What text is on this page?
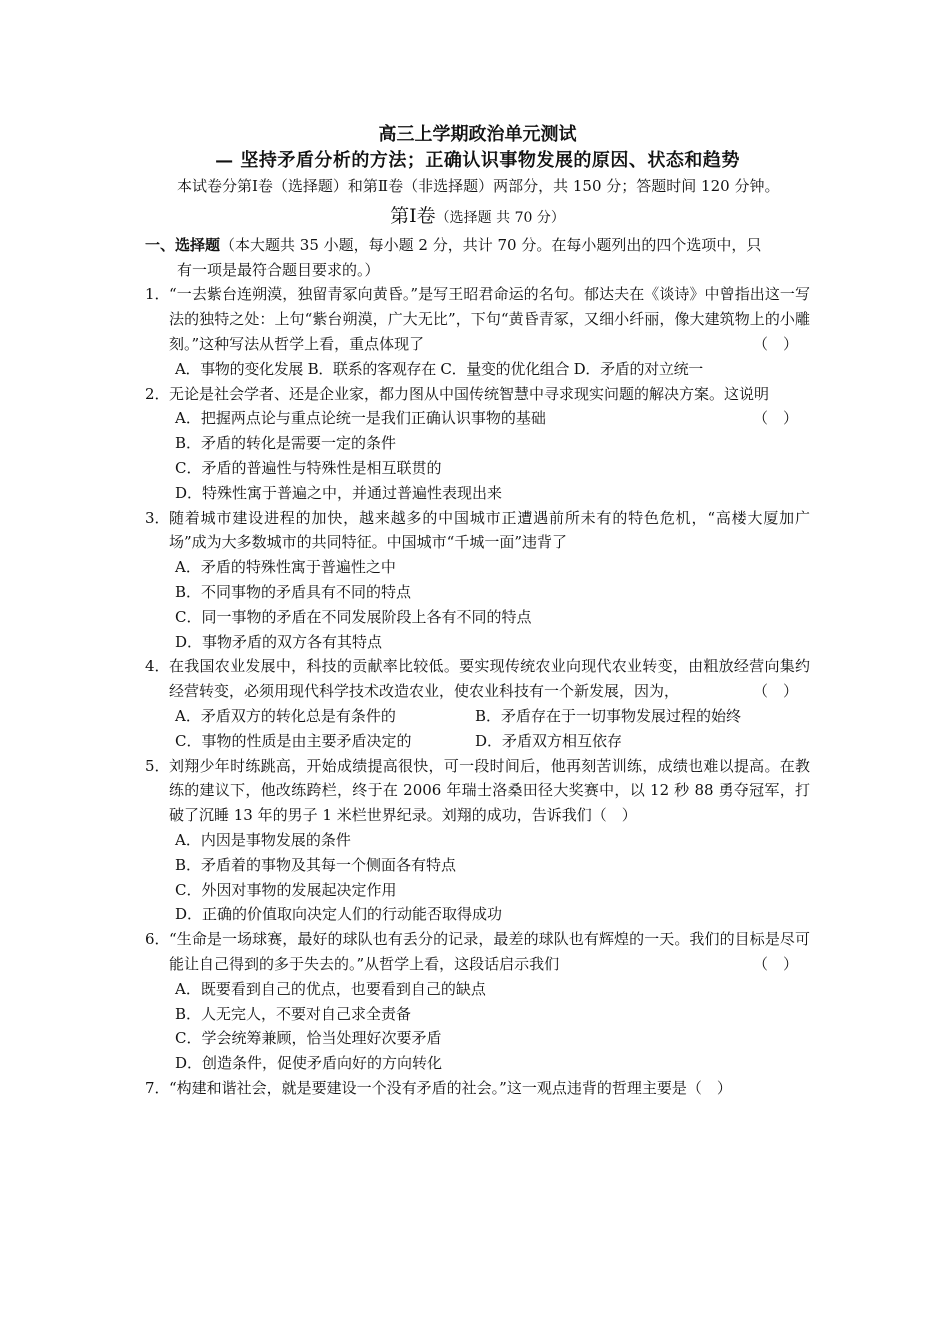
高三上学期政治单元测试
— 坚持矛盾分析的方法；正确认识事物发展的原因、状态和趋势
本试卷分第Ⅰ卷（选择题）和第Ⅱ卷（非选择题）两部分，共 150 分；答题时间 120 分钟。
第Ⅰ卷（选择题 共 70 分）
一、选择题（本大题共 35 小题，每小题 2 分，共计 70 分。在每小题列出的四个选项中，只
有一项是最符合题目要求的。）
1． “一去紫台连朔漠，独留青冢向黄昏。”是写王昭君命运的名句。郁达夫在《谈诗》中曾指出这一写法的独特之处：上句“紫台朔漠，广大无比”，下句“黄昏青冢，又细小纤丽，像大建筑物上的小雕刻。”这种写法从哲学上看，重点体现了	（　）
A．事物的变化发展 B．联系的客观存在 C．量变的优化组合 D．矛盾的对立统一
2． 无论是社会学者、还是企业家，都力图从中国传统智慧中寻求现实问题的解决方案。这说明
（　）
A．把握两点论与重点论统一是我们正确认识事物的基础
B．矛盾的转化是需要一定的条件
C．矛盾的普遍性与特殊性是相互联贯的
D．特殊性寓于普遍之中，并通过普遍性表现出来
3． 随着城市建设进程的加快，越来越多的中国城市正遭遇前所未有的特色危机，“高楼大厦加广场”成为大多数城市的共同特征。中国城市“千城一面”违背了
A．矛盾的特殊性寓于普遍性之中
B．不同事物的矛盾具有不同的特点
C．同一事物的矛盾在不同发展阶段上各有不同的特点
D．事物矛盾的双方各有其特点
4． 在我国农业发展中，科技的贡献率比较低。要实现传统农业向现代农业转变，由粗放经营向集约经营转变，必须用现代科学技术改造农业，使农业科技有一个新发展，因为，	（　）
A．矛盾双方的转化总是有条件的	B．矛盾存在于一切事物发展过程的始终
C．事物的性质是由主要矛盾决定的	D．矛盾双方相互依存
5． 刘翔少年时练跳高，开始成绩提高很快，可一段时间后，他再刻苦训练，成绩也难以提高。在教练的建议下，他改练跨栏，终于在 2006 年瑞士洛桑田径大奖赛中，以 12 秒 88 勇夺冠军，打破了沉睡 13 年的男子 1 米栏世界纪录。刘翔的成功，告诉我们（　）
A．内因是事物发展的条件
B．矛盾着的事物及其每一个侧面各有特点
C．外因对事物的发展起决定作用
D．正确的价值取向决定人们的行动能否取得成功
6． “生命是一场球赛，最好的球队也有丢分的记录，最差的球队也有辉煌的一天。我们的目标是尽可能让自己得到的多于失去的。”从哲学上看，这段话启示我们	（　）
A．既要看到自己的优点，也要看到自己的缺点
B．人无完人，不要对自己求全责备
C．学会统筹兼顾，恰当处理好次要矛盾
D．创造条件，促使矛盾向好的方向转化
7． “构建和谐社会，就是要建设一个没有矛盾的社会。”这一观点违背的哲理主要是（　）
